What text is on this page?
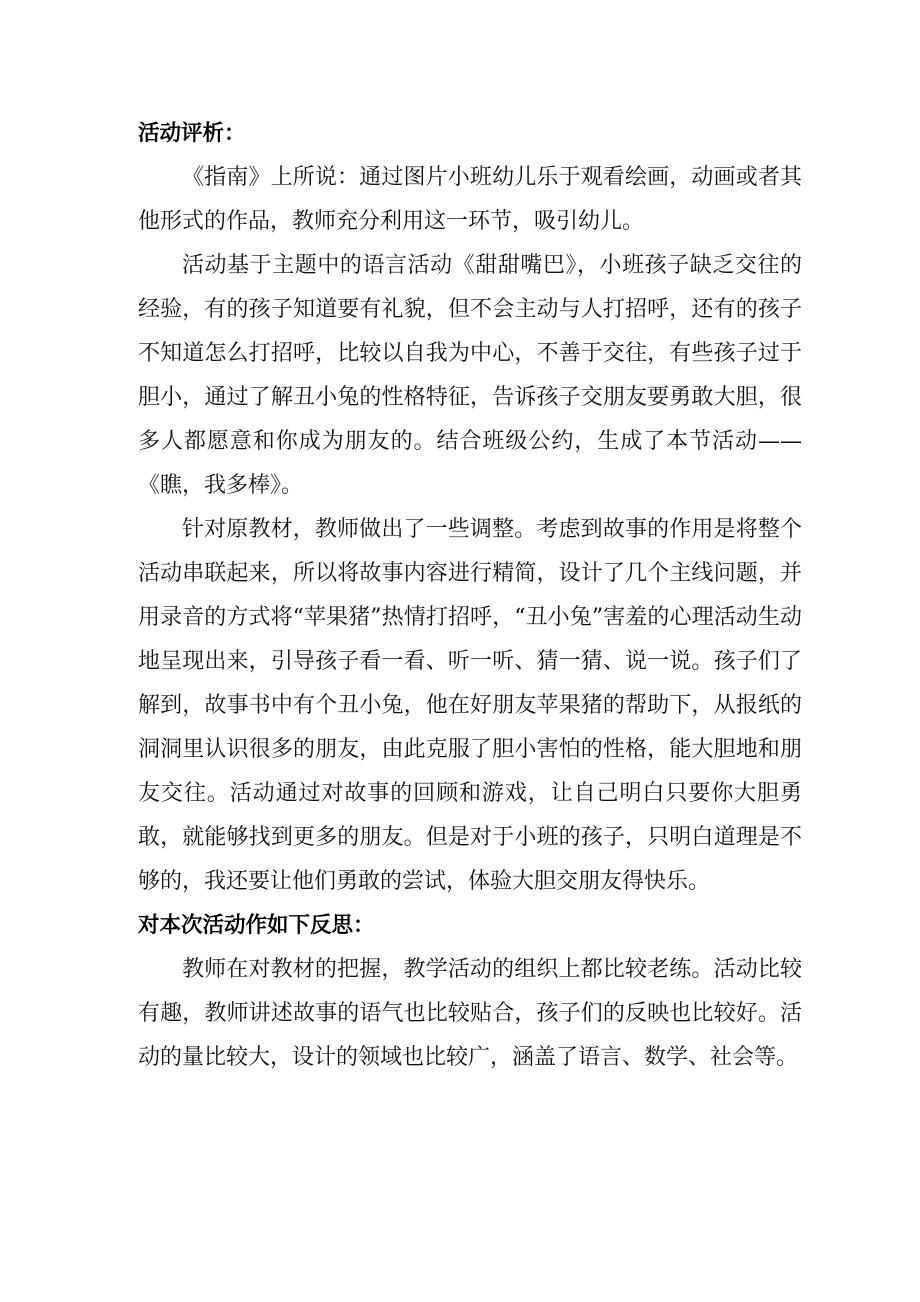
活动评析：

《指南》上所说：通过图片小班幼儿乐于观看绘画，动画或者其他形式的作品，教师充分利用这一环节，吸引幼儿。

活动基于主题中的语言活动《甜甜嘴巴》，小班孩子缺乏交往的经验，有的孩子知道要有礼貌，但不会主动与人打招呼，还有的孩子不知道怎么打招呼，比较以自我为中心，不善于交往，有些孩子过于胆小，通过了解丑小兔的性格特征，告诉孩子交朋友要勇敢大胆，很多人都愿意和你成为朋友的。结合班级公约，生成了本节活动——《瞧，我多棒》。

针对原教材，教师做出了一些调整。考虑到故事的作用是将整个活动串联起来，所以将故事内容进行精简，设计了几个主线问题，并用录音的方式将“苹果猪”热情打招呼，“丑小兔”害羞的心理活动生动地呈现出来，引导孩子看一看、听一听、猜一猜、说一说。孩子们了解到，故事书中有个丑小兔，他在好朋友苹果猪的帮助下，从报纸的洞洞里认识很多的朋友，由此克服了胆小害怕的性格，能大胆地和朋友交往。活动通过对故事的回顾和游戏，让自己明白只要你大胆勇敢，就能够找到更多的朋友。但是对于小班的孩子，只明白道理是不够的，我还要让他们勇敢的尝试，体验大胆交朋友得快乐。

对本次活动作如下反思：

教师在对教材的把握，教学活动的组织上都比较老练。活动比较有趣，教师讲述故事的语气也比较贴合，孩子们的反映也比较好。活动的量比较大，设计的领域也比较广，涵盖了语言、数学、社会等。
